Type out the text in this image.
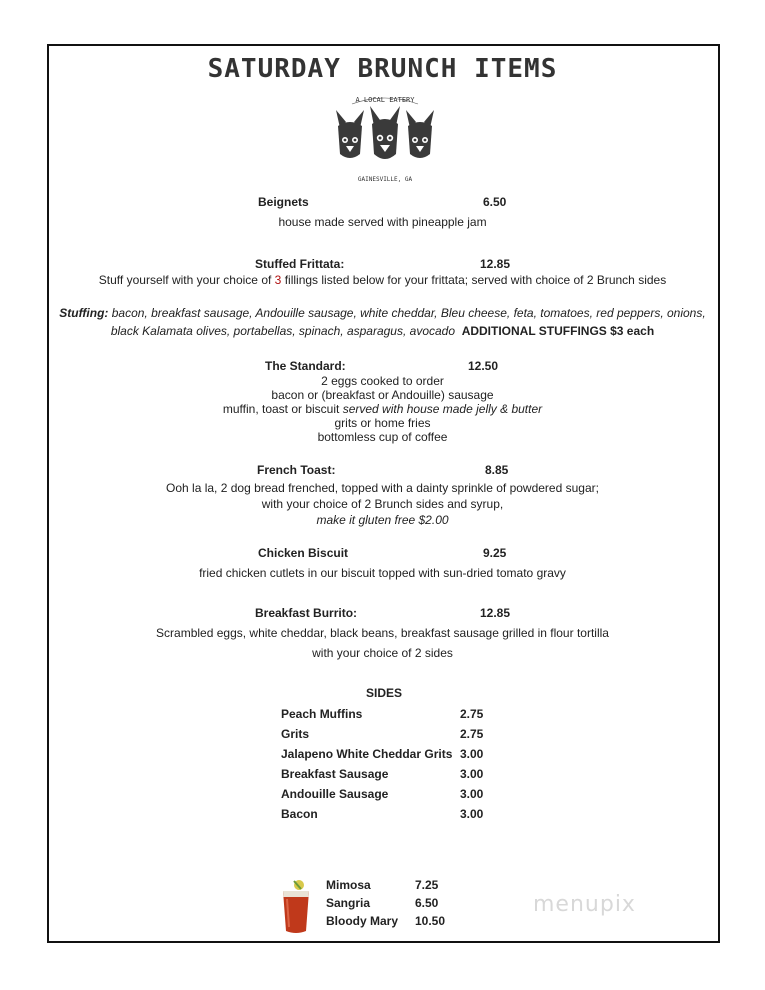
SATURDAY BRUNCH ITEMS
A LOCAL EATERY
GAINESVILLE, GA
Beignets	6.50
house made served with pineapple jam
Stuffed Frittata:	12.85
Stuff yourself with your choice of 3 fillings listed below for your frittata; served with choice of 2 Brunch sides
Stuffing: bacon, breakfast sausage, Andouille sausage, white cheddar, Bleu cheese, feta, tomatoes, red peppers, onions,
black Kalamata olives, portabellas, spinach, asparagus, avocado ADDITIONAL STUFFINGS $3 each
The Standard:	12.50
2 eggs cooked to order
bacon or (breakfast or Andouille) sausage
muffin, toast or biscuit served with house made jelly & butter
grits or home fries
bottomless cup of coffee
French Toast:	8.85
Ooh la la, 2 dog bread frenched, topped with a dainty sprinkle of powdered sugar;
with your choice of 2 Brunch sides and syrup,
make it gluten free $2.00
Chicken Biscuit	9.25
fried chicken cutlets in our biscuit topped with sun-dried tomato gravy
Breakfast Burrito:	12.85
Scrambled eggs, white cheddar, black beans, breakfast sausage grilled in flour tortilla
with your choice of 2 sides
SIDES
Peach Muffins	2.75
Grits	2.75
Jalapeno White Cheddar Grits 3.00
Breakfast Sausage	3.00
Andouille Sausage	3.00
Bacon	3.00
Mimosa	7.25
Sangria	6.50
Bloody Mary 10.50
menupix
